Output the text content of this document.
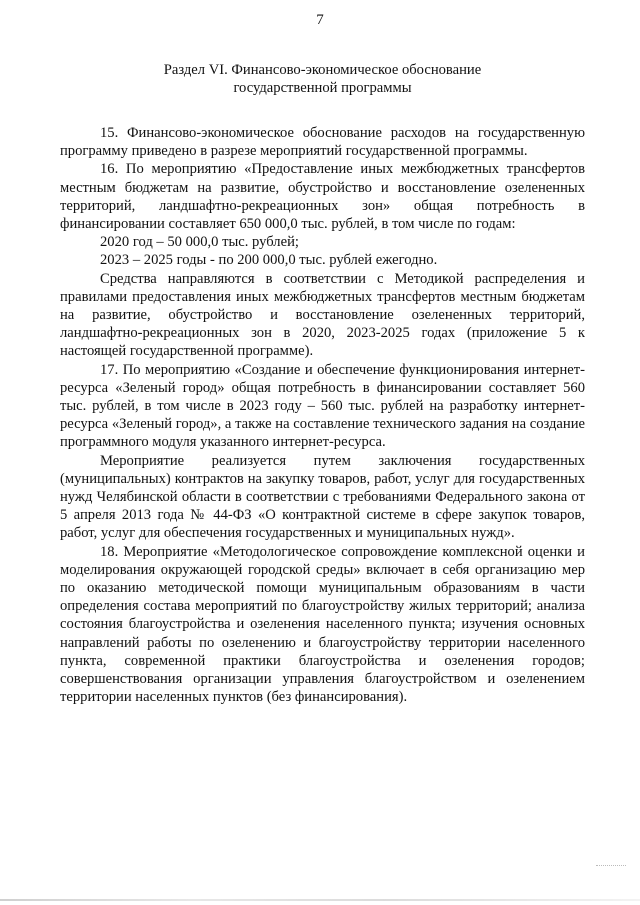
7
Раздел VI. Финансово-экономическое обоснование
государственной программы

15. Финансово-экономическое обоснование расходов на государственную программу приведено в разрезе мероприятий государственной программы.

16. По мероприятию «Предоставление иных межбюджетных трансфертов местным бюджетам на развитие, обустройство и восстановление озелененных территорий, ландшафтно-рекреационных зон» общая потребность в финансировании составляет 650 000,0 тыс. рублей, в том числе по годам:

2020 год – 50 000,0 тыс. рублей;

2023 – 2025 годы - по 200 000,0 тыс. рублей ежегодно.

Средства направляются в соответствии с Методикой распределения и правилами предоставления иных межбюджетных трансфертов местным бюджетам на развитие, обустройство и восстановление озелененных территорий, ландшафтно-рекреационных зон в 2020, 2023-2025 годах (приложение 5 к настоящей государственной программе).

17. По мероприятию «Создание и обеспечение функционирования интернет-ресурса «Зеленый город» общая потребность в финансировании составляет 560 тыс. рублей, в том числе в 2023 году – 560 тыс. рублей на разработку интернет-ресурса «Зеленый город», а также на составление технического задания на создание программного модуля указанного интернет-ресурса.

Мероприятие реализуется путем заключения государственных (муниципальных) контрактов на закупку товаров, работ, услуг для государственных нужд Челябинской области в соответствии с требованиями Федерального закона от 5 апреля 2013 года № 44-ФЗ «О контрактной системе в сфере закупок товаров, работ, услуг для обеспечения государственных и муниципальных нужд».

18. Мероприятие «Методологическое сопровождение комплексной оценки и моделирования окружающей городской среды» включает в себя организацию мер по оказанию методической помощи муниципальным образованиям в части определения состава мероприятий по благоустройству жилых территорий; анализа состояния благоустройства и озеленения населенного пункта; изучения основных направлений работы по озеленению и благоустройству территории населенного пункта, современной практики благоустройства и озеленения городов; совершенствования организации управления благоустройством и озеленением территории населенных пунктов (без финансирования).
